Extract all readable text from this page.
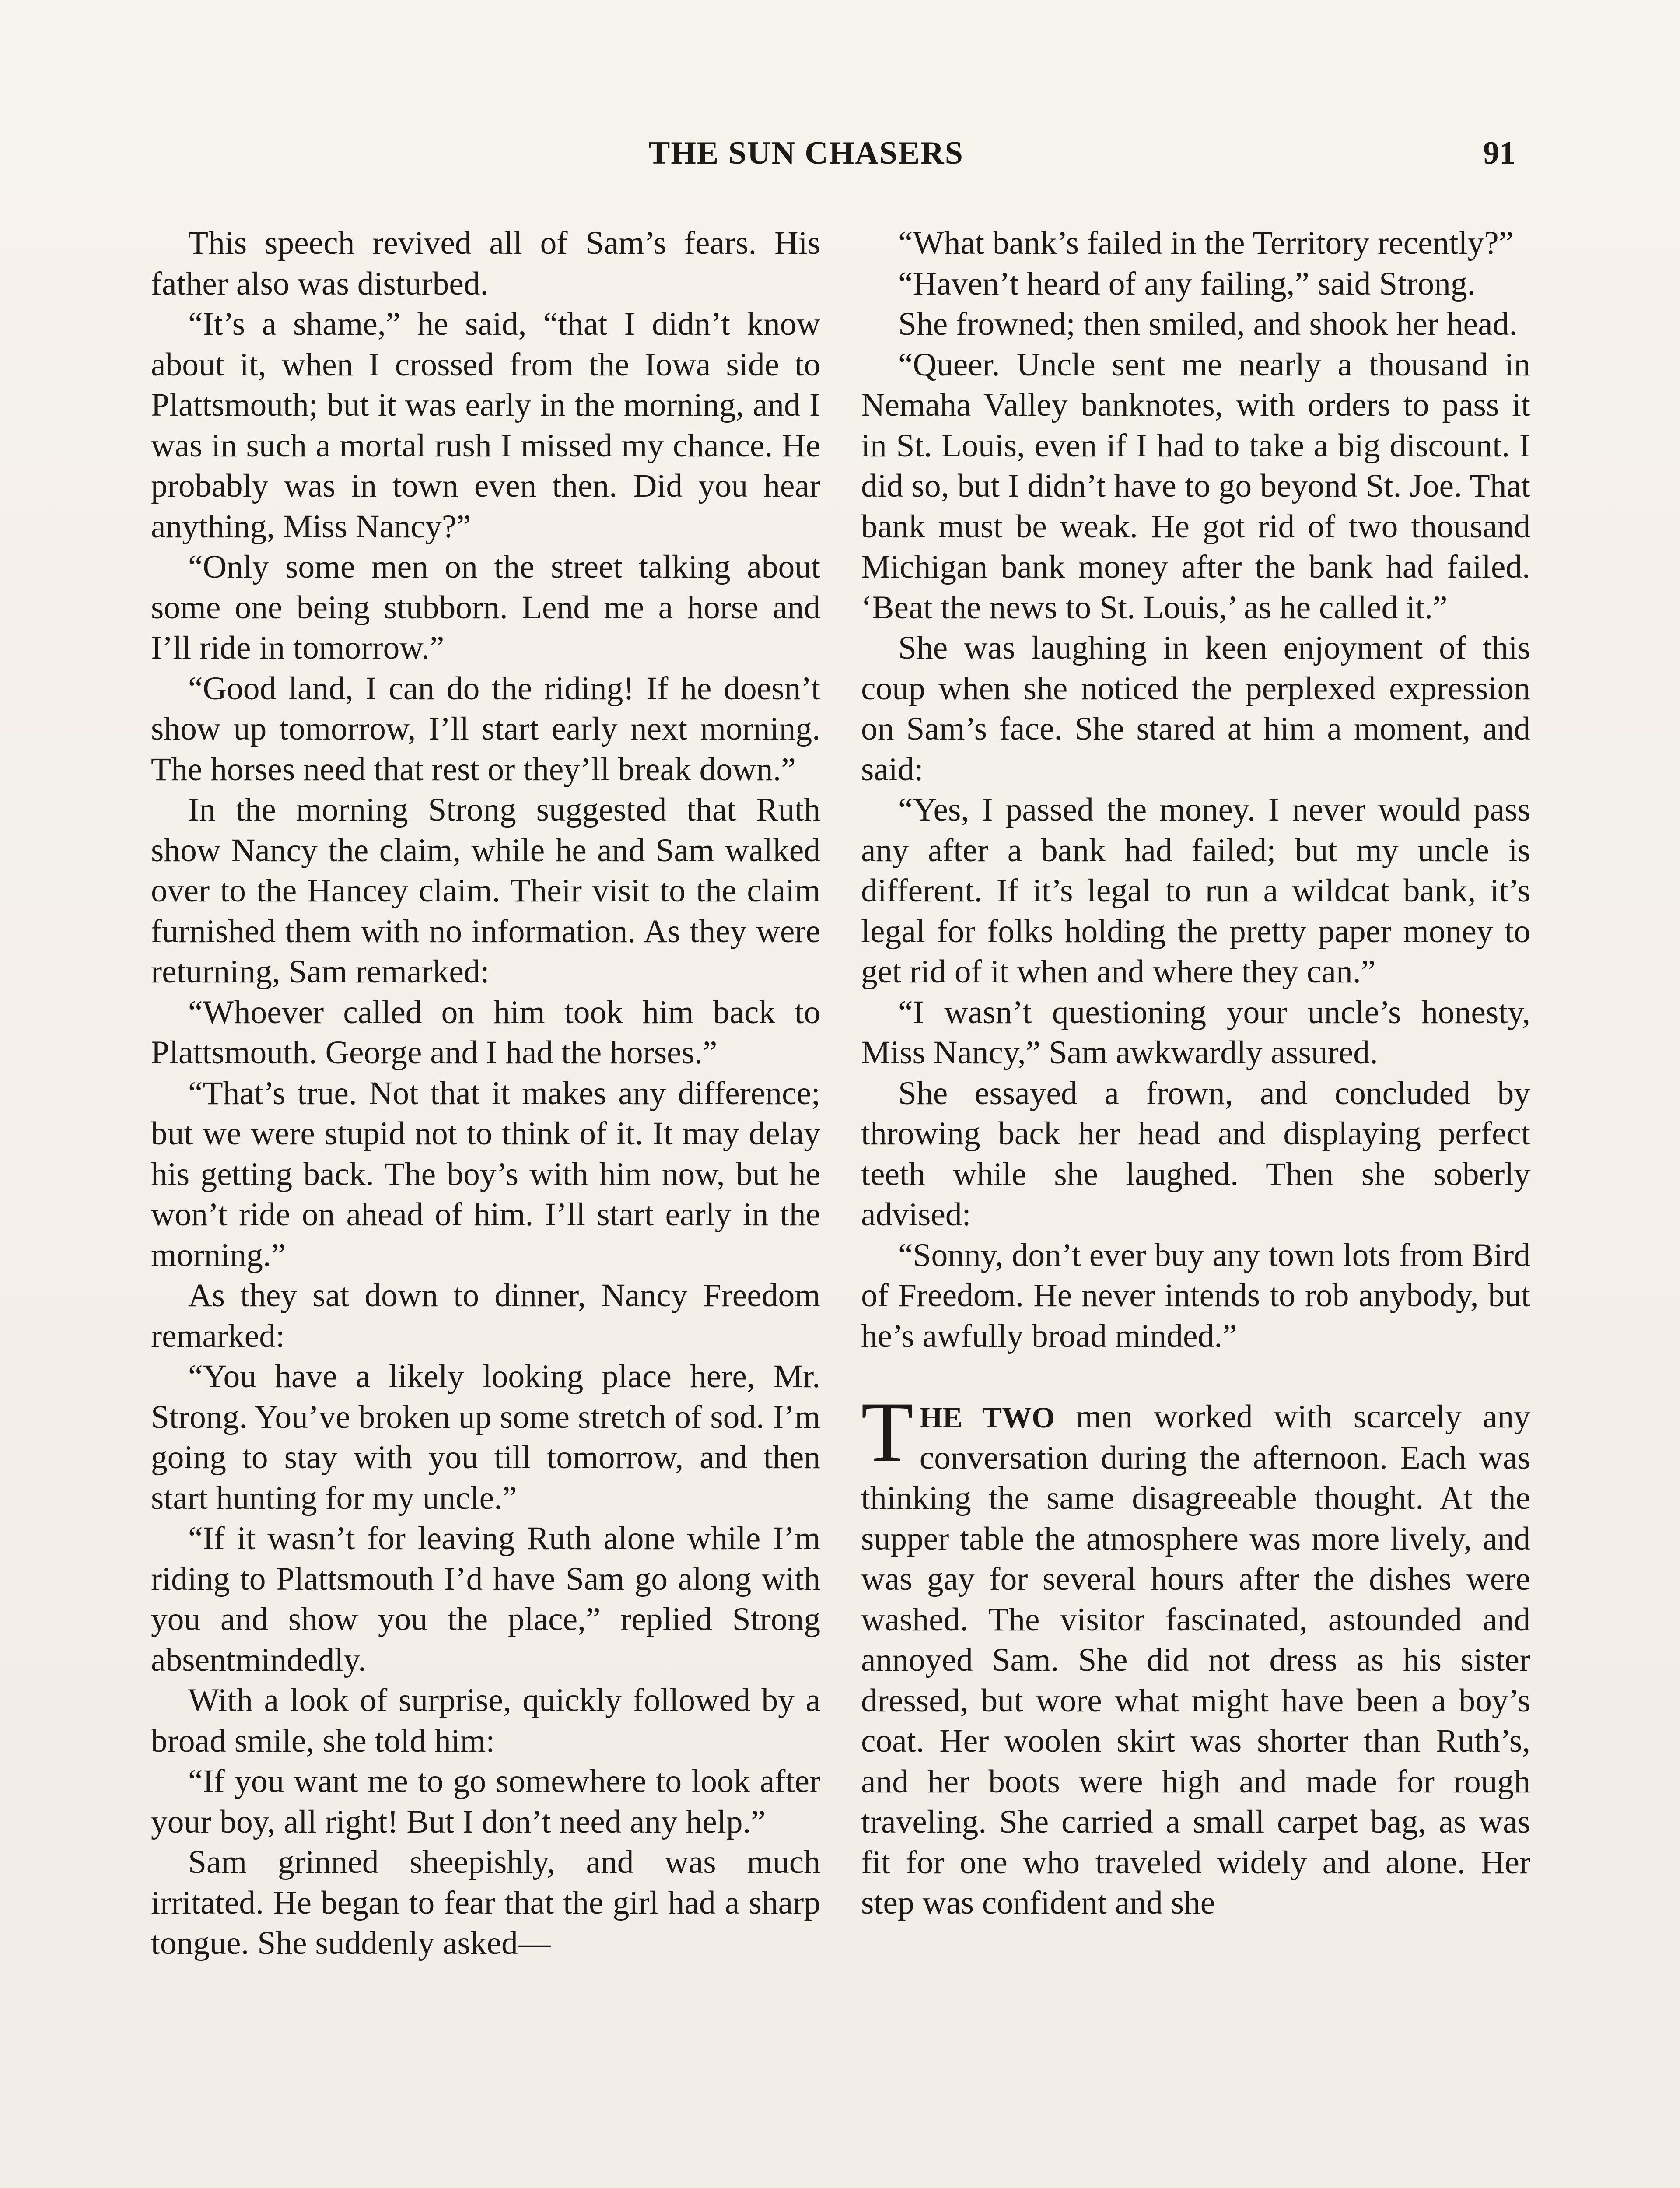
THE SUN CHASERS	91

This speech revived all of Sam’s fears. His father also was disturbed.

“It’s a shame,” he said, “that I didn’t know about it, when I crossed from the Iowa side to Plattsmouth; but it was early in the morning, and I was in such a mortal rush I missed my chance. He probably was in town even then. Did you hear anything, Miss Nancy?”

“Only some men on the street talking about some one being stubborn. Lend me a horse and I’ll ride in tomorrow.”

“Good land, I can do the riding! If he doesn’t show up tomorrow, I’ll start early next morning. The horses need that rest or they’ll break down.”

In the morning Strong suggested that Ruth show Nancy the claim, while he and Sam walked over to the Hancey claim. Their visit to the claim furnished them with no information. As they were returning, Sam remarked:

“Whoever called on him took him back to Plattsmouth. George and I had the horses.”

“That’s true. Not that it makes any difference; but we were stupid not to think of it. It may delay his getting back. The boy’s with him now, but he won’t ride on ahead of him. I’ll start early in the morning.”

As they sat down to dinner, Nancy Freedom remarked:

“You have a likely looking place here, Mr. Strong. You’ve broken up some stretch of sod. I’m going to stay with you till tomorrow, and then start hunting for my uncle.”

“If it wasn’t for leaving Ruth alone while I’m riding to Plattsmouth I’d have Sam go along with you and show you the place,” replied Strong absentmindedly.

With a look of surprise, quickly followed by a broad smile, she told him:

“If you want me to go somewhere to look after your boy, all right! But I don’t need any help.”

Sam grinned sheepishly, and was much irritated. He began to fear that the girl had a sharp tongue. She suddenly asked—

“What bank’s failed in the Territory recently?”

“Haven’t heard of any failing,” said Strong.

She frowned; then smiled, and shook her head.

“Queer. Uncle sent me nearly a thousand in Nemaha Valley banknotes, with orders to pass it in St. Louis, even if I had to take a big discount. I did so, but I didn’t have to go beyond St. Joe. That bank must be weak. He got rid of two thousand Michigan bank money after the bank had failed. ‘Beat the news to St. Louis,’ as he called it.”

She was laughing in keen enjoyment of this coup when she noticed the perplexed expression on Sam’s face. She stared at him a moment, and said:

“Yes, I passed the money. I never would pass any after a bank had failed; but my uncle is different. If it’s legal to run a wildcat bank, it’s legal for folks holding the pretty paper money to get rid of it when and where they can.”

“I wasn’t questioning your uncle’s honesty, Miss Nancy,” Sam awkwardly assured.

She essayed a frown, and concluded by throwing back her head and displaying perfect teeth while she laughed. Then she soberly advised:

“Sonny, don’t ever buy any town lots from Bird of Freedom. He never intends to rob anybody, but he’s awfully broad minded.”

THE TWO men worked with scarcely any conversation during the afternoon. Each was thinking the same disagreeable thought. At the supper table the atmosphere was more lively, and was gay for several hours after the dishes were washed. The visitor fascinated, astounded and annoyed Sam. She did not dress as his sister dressed, but wore what might have been a boy’s coat. Her woolen skirt was shorter than Ruth’s, and her boots were high and made for rough traveling. She carried a small carpet bag, as was fit for one who traveled widely and alone. Her step was confident and she
